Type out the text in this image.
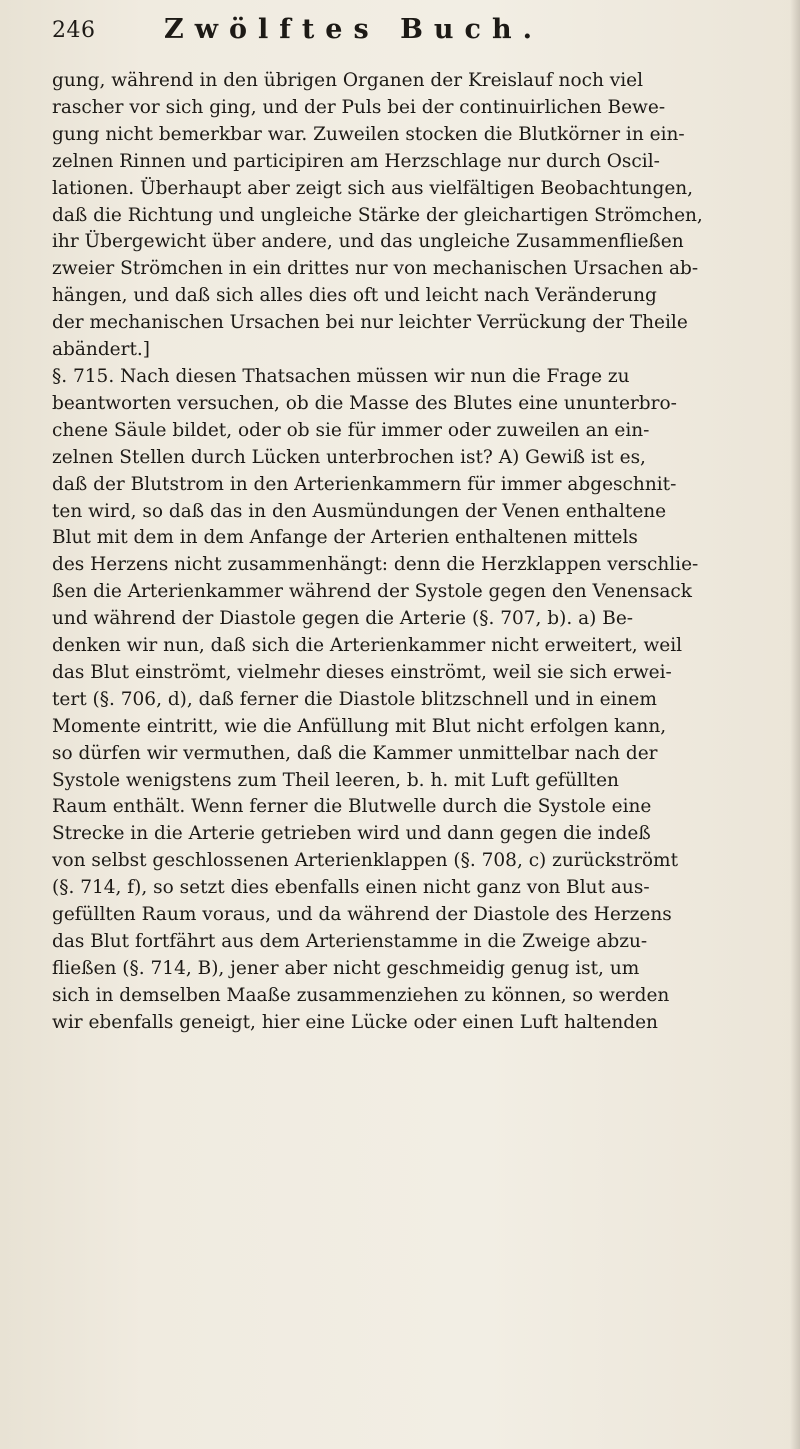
246	Zwölftes Buch.

gung, während in den übrigen Organen der Kreislauf noch viel
rascher vor sich ging, und der Puls bei der continuirlichen Bewe-
gung nicht bemerkbar war. Zuweilen stocken die Blutkörner in ein-
zelnen Rinnen und participiren am Herzschlage nur durch Oscil-
lationen. Überhaupt aber zeigt sich aus vielfältigen Beobachtungen,
daß die Richtung und ungleiche Stärke der gleichartigen Strömchen,
ihr Übergewicht über andere, und das ungleiche Zusammenfließen
zweier Strömchen in ein drittes nur von mechanischen Ursachen ab-
hängen, und daß sich alles dies oft und leicht nach Veränderung
der mechanischen Ursachen bei nur leichter Verrückung der Theile
abändert.]

§. 715. Nach diesen Thatsachen müssen wir nun die Frage zu
beantworten versuchen, ob die Masse des Blutes eine ununterbro-
chene Säule bildet, oder ob sie für immer oder zuweilen an ein-
zelnen Stellen durch Lücken unterbrochen ist? A) Gewiß ist es,
daß der Blutstrom in den Arterienkammern für immer abgeschnit-
ten wird, so daß das in den Ausmündungen der Venen enthaltene
Blut mit dem in dem Anfange der Arterien enthaltenen mittels
des Herzens nicht zusammenhängt: denn die Herzklappen verschlie-
ßen die Arterienkammer während der Systole gegen den Venensack
und während der Diastole gegen die Arterie (§. 707, b). a) Be-
denken wir nun, daß sich die Arterienkammer nicht erweitert, weil
das Blut einströmt, vielmehr dieses einströmt, weil sie sich erwei-
tert (§. 706, d), daß ferner die Diastole blitzschnell und in einem
Momente eintritt, wie die Anfüllung mit Blut nicht erfolgen kann,
so dürfen wir vermuthen, daß die Kammer unmittelbar nach der
Systole wenigstens zum Theil leeren, b. h. mit Luft gefüllten
Raum enthält. Wenn ferner die Blutwelle durch die Systole eine
Strecke in die Arterie getrieben wird und dann gegen die indeß
von selbst geschlossenen Arterienklappen (§. 708, c) zurückströmt
(§. 714, f), so setzt dies ebenfalls einen nicht ganz von Blut aus-
gefüllten Raum voraus, und da während der Diastole des Herzens
das Blut fortfährt aus dem Arterienstamme in die Zweige abzu-
fließen (§. 714, B), jener aber nicht geschmeidig genug ist, um
sich in demselben Maaße zusammenziehen zu können, so werden
wir ebenfalls geneigt, hier eine Lücke oder einen Luft haltenden
